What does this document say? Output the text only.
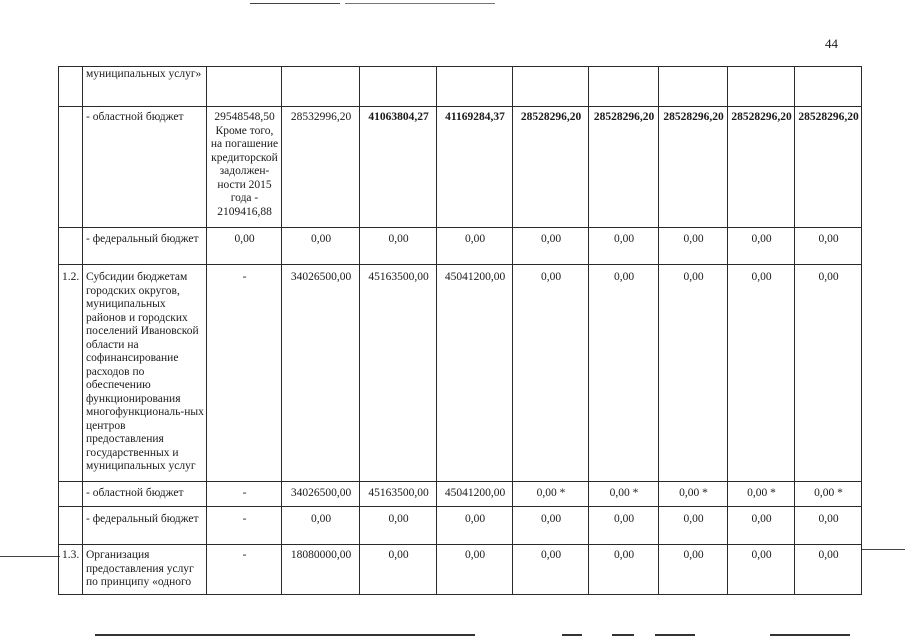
44
	муниципальных услуг»									
	- областной бюджет	29548548,50 Кроме того, на погашение кредиторской задолжен-ности 2015 года - 2109416,88	28532996,20	41063804,27	41169284,37	28528296,20	28528296,20	28528296,20	28528296,20	28528296,20
	- федеральный бюджет	0,00	0,00	0,00	0,00	0,00	0,00	0,00	0,00	0,00
1.2.	Субсидии бюджетам городских округов, муниципальных районов и городских поселений Ивановской области на софинансирование расходов по обеспечению функционирования многофункциональ-ных центров предоставления государственных и муниципальных услуг	-	34026500,00	45163500,00	45041200,00	0,00	0,00	0,00	0,00	0,00
	- областной бюджет	-	34026500,00	45163500,00	45041200,00	0,00 *	0,00 *	0,00 *	0,00 *	0,00 *
	- федеральный бюджет	-	0,00	0,00	0,00	0,00	0,00	0,00	0,00	0,00
1.3.	Организация предоставления услуг по принципу «одного	-	18080000,00	0,00	0,00	0,00	0,00	0,00	0,00	0,00
